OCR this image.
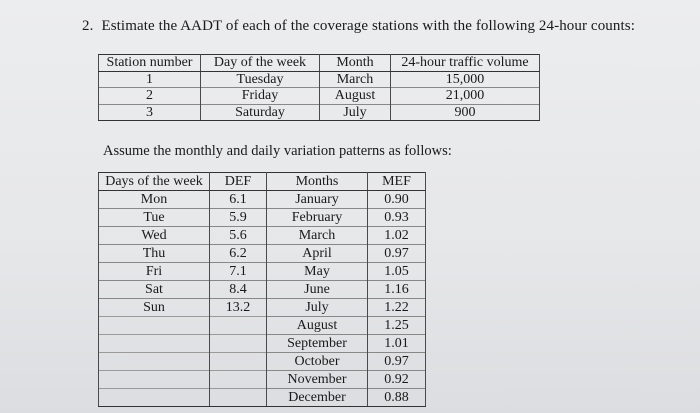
2. Estimate the AADT of each of the coverage stations with the following 24-hour counts:
Station number	Day of the week	Month	24-hour traffic volume
1	Tuesday	March	15,000
2	Friday	August	21,000
3	Saturday	July	900
Assume the monthly and daily variation patterns as follows:
Days of the week	DEF	Months	MEF
Mon	6.1	January	0.90
Tue	5.9	February	0.93
Wed	5.6	March	1.02
Thu	6.2	April	0.97
Fri	7.1	May	1.05
Sat	8.4	June	1.16
Sun	13.2	July	1.22
		August	1.25
		September	1.01
		October	0.97
		November	0.92
		December	0.88
